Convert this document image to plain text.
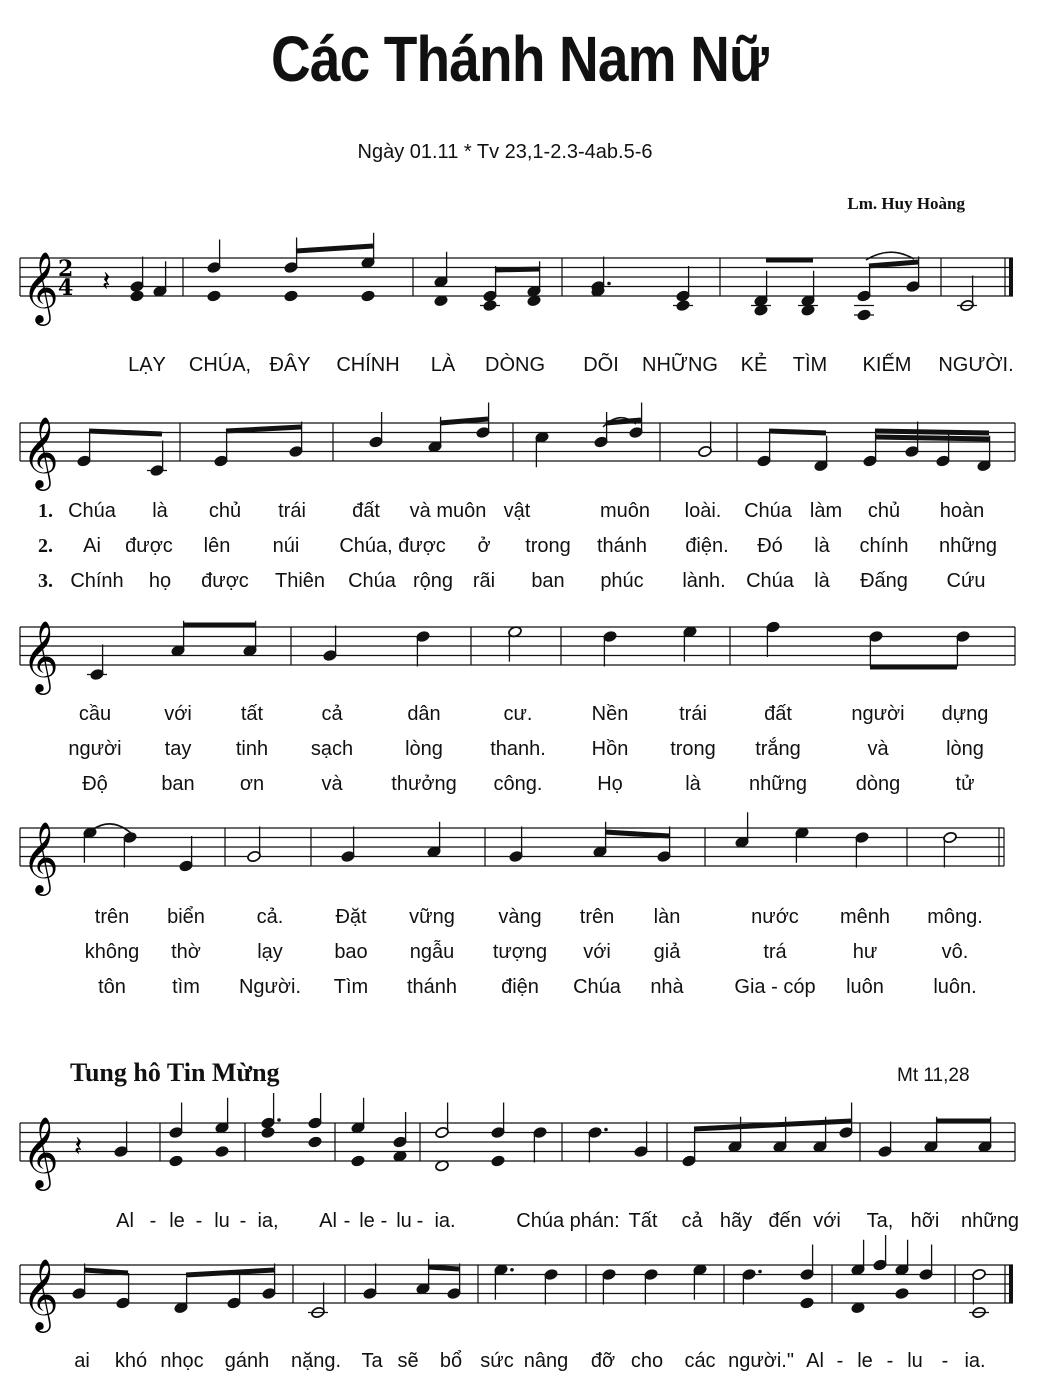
Các Thánh Nam Nữ
Ngày 01.11 * Tv 23,1-2.3-4ab.5-6
Lm. Huy Hoàng
𝄞 2
4 𝄽
𝄞
𝄞
𝄞
𝄞 𝄽
𝄞
LẠY CHÚA, ĐÂY CHÍNH LÀ DÒNG DÕI NHỮNG KẺ TÌM KIẾM NGƯỜI.
1.
2.
3.
Chúa là chủ trái đất và muôn vật	muôn loài. Chúa làm chủ hoàn
Ai được lên núi Chúa, được ở trong thánh điện. Đó là chính những
Chính họ được Thiên Chúa rộng rãi ban phúc lành. Chúa là Đấng Cứu
cầu	với tất	cả	dân	cư.	Nền	trái	đất	người dựng
người tay tinh sạch	lòng thanh. Hồn trong trắng	và	lòng
Độ	ban ơn	và thưởng công.	Họ	là những dòng	tử
trên biển	cả.	Đặt vững vàng trên làn	nước mênh mông.
không thờ	lạy	bao ngẫu tượng với giả	trá	hư	vô.
tôn tìm Người. Tìm thánh điện Chúa nhà	Gia - cóp luôn luôn.
Tung hô Tin Mừng	Mt 11,28
Al - le - lu - ia, Al - le - lu - ia.	Chúa phán: Tất cả hãy đến với Ta, hỡi những
ai khó nhọc gánh nặng. Ta sẽ bổ sức nâng đỡ cho các người." Al - le - lu - ia.
